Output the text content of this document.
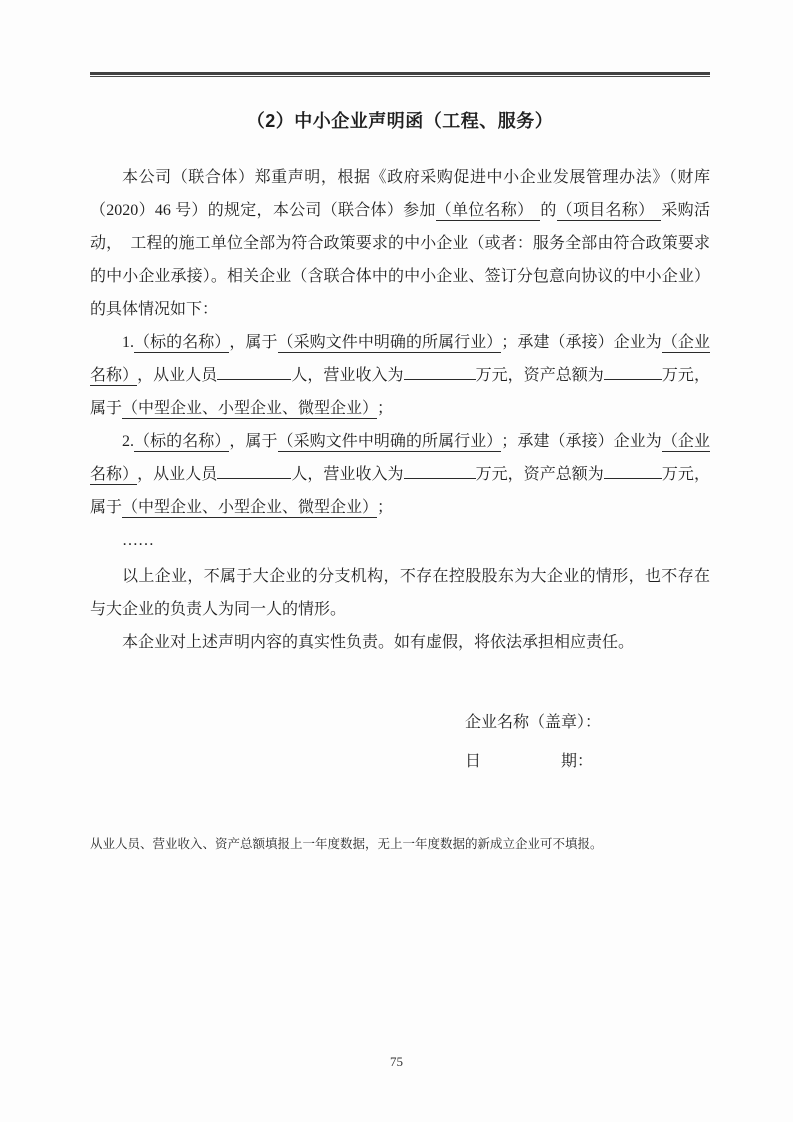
（2）中小企业声明函（工程、服务）

本公司（联合体）郑重声明，根据《政府采购促进中小企业发展管理办法》（财库（2020）46 号）的规定，本公司（联合体）参加（单位名称） 的（项目名称） 采购活动，　工程的施工单位全部为符合政策要求的中小企业（或者：服务全部由符合政策要求的中小企业承接）。相关企业（含联合体中的中小企业、签订分包意向协议的中小企业）的具体情况如下：

1.（标的名称） ，属于（采购文件中明确的所属行业） ；承建（承接）企业为（企业名称） ，从业人员	人，营业收入为	万元，资产总额为	万元，属于（中型企业、小型企业、微型企业） ；

2.（标的名称） ，属于（采购文件中明确的所属行业） ；承建（承接）企业为（企业名称） ，从业人员	人，营业收入为	万元，资产总额为	万元，属于（中型企业、小型企业、微型企业） ；

……

以上企业，不属于大企业的分支机构，不存在控股股东为大企业的情形，也不存在与大企业的负责人为同一人的情形。

本企业对上述声明内容的真实性负责。如有虚假，将依法承担相应责任。

企业名称（盖章）：
日　　　　　期：
从业人员、营业收入、资产总额填报上一年度数据，无上一年度数据的新成立企业可不填报。
75
